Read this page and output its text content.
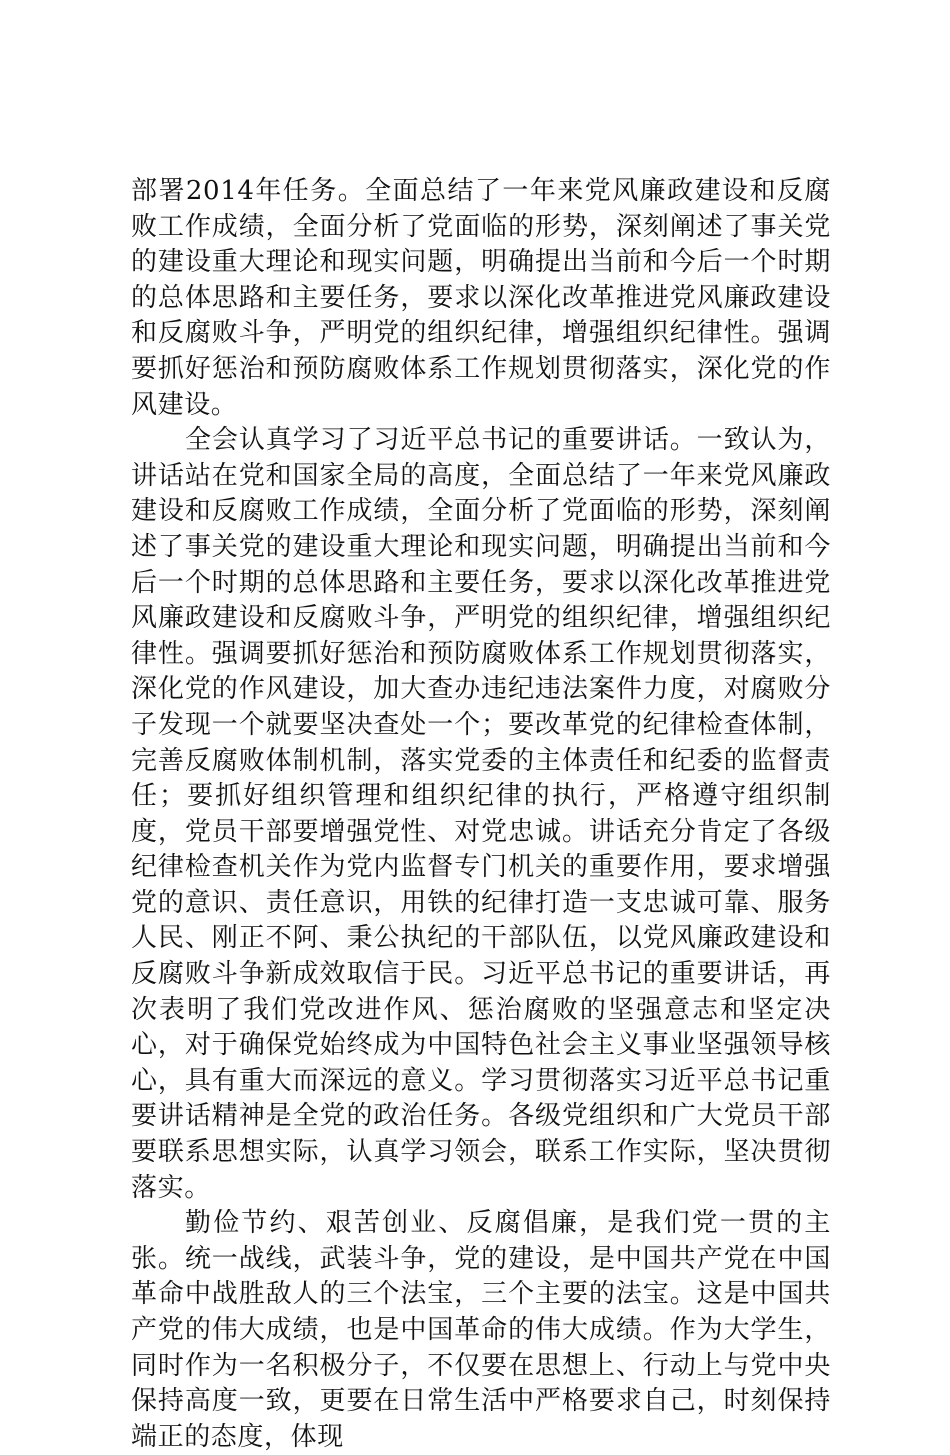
部署2014年任务。全面总结了一年来党风廉政建设和反腐败工作成绩，全面分析了党面临的形势，深刻阐述了事关党的建设重大理论和现实问题，明确提出当前和今后一个时期的总体思路和主要任务，要求以深化改革推进党风廉政建设和反腐败斗争，严明党的组织纪律，增强组织纪律性。强调要抓好惩治和预防腐败体系工作规划贯彻落实，深化党的作风建设。

全会认真学习了习近平总书记的重要讲话。一致认为，讲话站在党和国家全局的高度，全面总结了一年来党风廉政建设和反腐败工作成绩，全面分析了党面临的形势，深刻阐述了事关党的建设重大理论和现实问题，明确提出当前和今后一个时期的总体思路和主要任务，要求以深化改革推进党风廉政建设和反腐败斗争，严明党的组织纪律，增强组织纪律性。强调要抓好惩治和预防腐败体系工作规划贯彻落实，深化党的作风建设，加大查办违纪违法案件力度，对腐败分子发现一个就要坚决查处一个；要改革党的纪律检查体制，完善反腐败体制机制，落实党委的主体责任和纪委的监督责任；要抓好组织管理和组织纪律的执行，严格遵守组织制度，党员干部要增强党性、对党忠诚。讲话充分肯定了各级纪律检查机关作为党内监督专门机关的重要作用，要求增强党的意识、责任意识，用铁的纪律打造一支忠诚可靠、服务人民、刚正不阿、秉公执纪的干部队伍，以党风廉政建设和反腐败斗争新成效取信于民。习近平总书记的重要讲话，再次表明了我们党改进作风、惩治腐败的坚强意志和坚定决心，对于确保党始终成为中国特色社会主义事业坚强领导核心，具有重大而深远的意义。学习贯彻落实习近平总书记重要讲话精神是全党的政治任务。各级党组织和广大党员干部要联系思想实际，认真学习领会，联系工作实际，坚决贯彻落实。

勤俭节约、艰苦创业、反腐倡廉，是我们党一贯的主张。统一战线，武装斗争，党的建设，是中国共产党在中国革命中战胜敌人的三个法宝，三个主要的法宝。这是中国共产党的伟大成绩，也是中国革命的伟大成绩。作为大学生，同时作为一名积极分子，不仅要在思想上、行动上与党中央保持高度一致，更要在日常生活中严格要求自己，时刻保持端正的态度，体现
